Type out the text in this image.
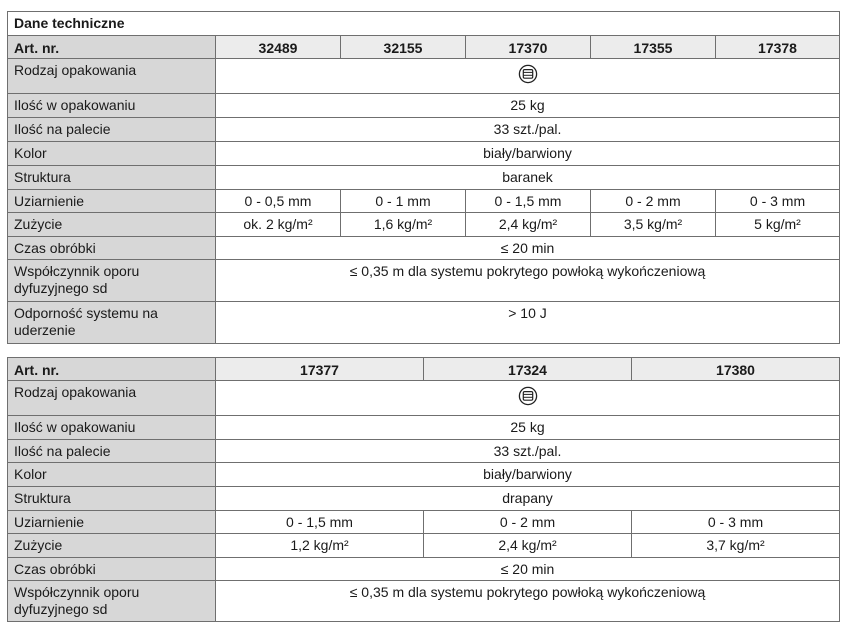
Dane techniczne					
Art. nr.	32489	32155	17370	17355	17378
Rodzaj opakowania	
Ilość w opakowaniu	25 kg				
Ilość na palecie	33 szt./pal.				
Kolor	biały/barwiony				
Struktura	baranek				
Uziarnienie	0 - 0,5 mm	0 - 1 mm	0 - 1,5 mm	0 - 2 mm	0 - 3 mm
Zużycie	ok. 2 kg/m²	1,6 kg/m²	2,4 kg/m²	3,5 kg/m²	5 kg/m²
Czas obróbki	≤ 20 min				
Współczynnik oporu dyfuzyjnego sd	≤ 0,35 m dla systemu pokrytego powłoką wykończeniową				
Odporność systemu na uderzenie	> 10 J				
Art. nr.	17377	17324	17380
Rodzaj opakowania	
Ilość w opakowaniu	25 kg		
Ilość na palecie	33 szt./pal.		
Kolor	biały/barwiony		
Struktura	drapany		
Uziarnienie	0 - 1,5 mm	0 - 2 mm	0 - 3 mm
Zużycie	1,2 kg/m²	2,4 kg/m²	3,7 kg/m²
Czas obróbki	≤ 20 min		
Współczynnik oporu dyfuzyjnego sd	≤ 0,35 m dla systemu pokrytego powłoką wykończeniową		
